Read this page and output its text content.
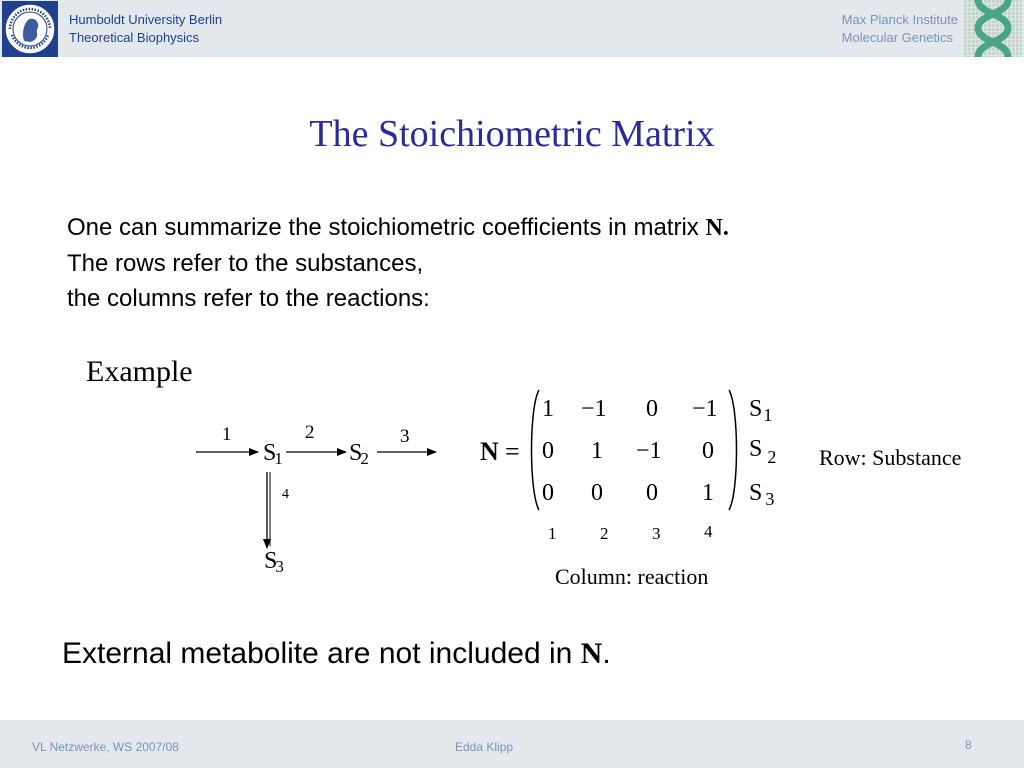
Humboldt University Berlin
Theoretical Biophysics
Max Planck Institute
Molecular Genetics
The Stoichiometric Matrix
One can summarize the stoichiometric coefficients in matrix N.
The rows refer to the substances,
the columns refer to the reactions:
Example
1	2	3
4
S1	S2
S3
N =
1 −1 0 −1
0 1 −1 0
0 0 0 1
$S_1$
S $_2$
S $_3$
1	2	3	4
Row: Substance
Column: reaction
External metabolite are not included in N.
VL Netzwerke, WS 2007/08	Edda Klipp	8
